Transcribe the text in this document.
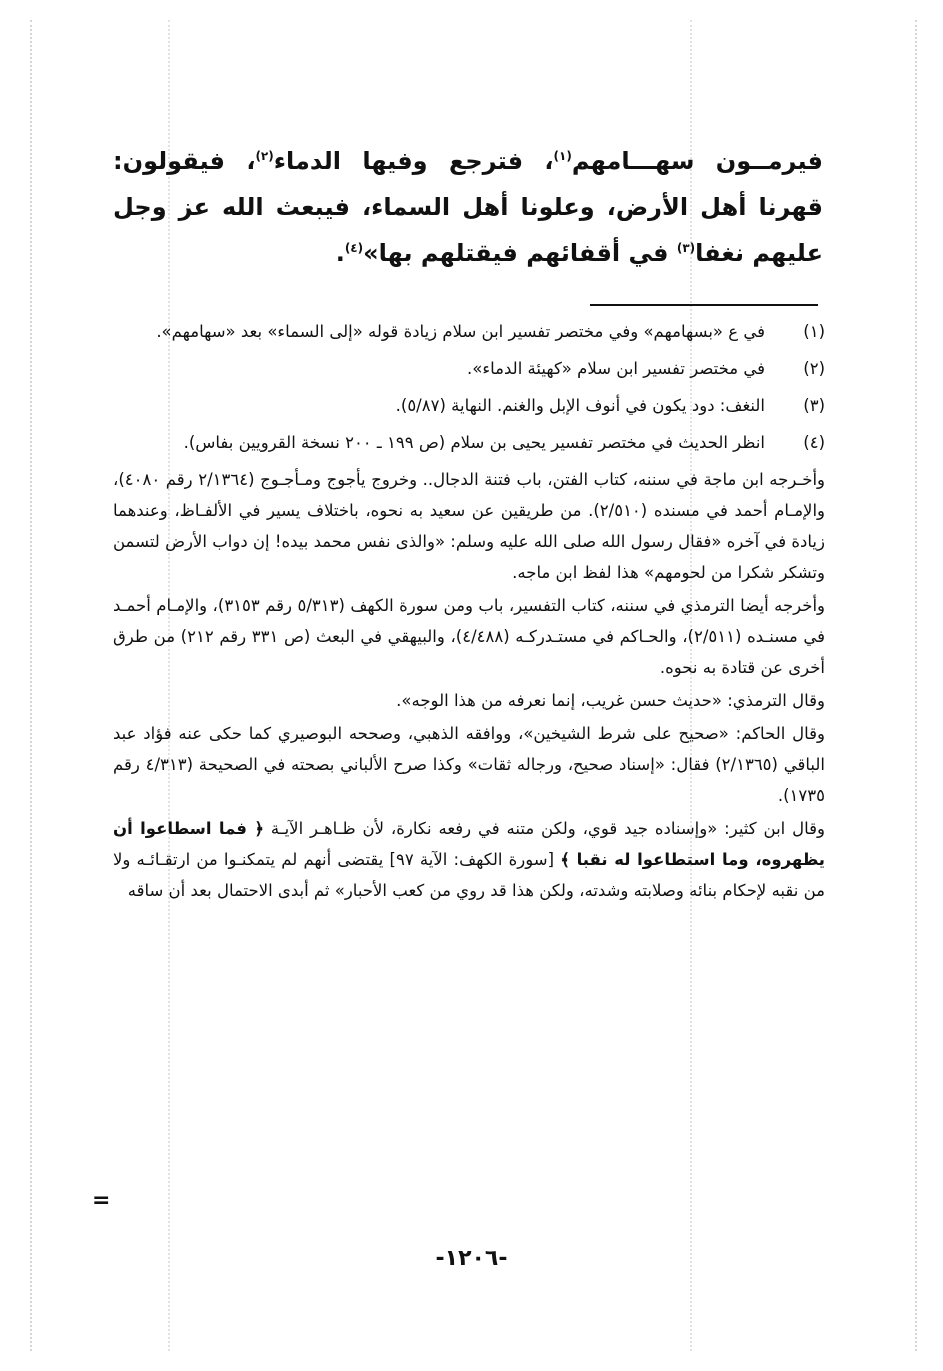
فيرمــون سهـــامهم$^{(١)}$، فترجع وفيها الدماء$^{(٢)}$، فيقولون: قهرنا أهل الأرض، وعلونا أهل السماء، فيبعث الله عز وجل عليهم نغفا$^{(٣)}$ في أقفائهم فيقتلهم بها»$^{(٤)}$.

(١)
في ع «بسهامهم» وفي مختصر تفسير ابن سلام زيادة قوله «إلى السماء» بعد «سهامهم».
(٢)
في مختصر تفسير ابن سلام «كهيئة الدماء».
(٣)
النغف: دود يكون في أنوف الإبل والغنم. النهاية (٥/٨٧).
(٤)
انظر الحديث في مختصر تفسير يحيى بن سلام (ص ١٩٩ ـ ٢٠٠ نسخة القرويين بفاس).

وأخـرجه ابن ماجة في سننه، كتاب الفتن، باب فتنة الدجال.. وخروج يأجوج ومـأجـوج (٢/١٣٦٤ رقم ٤٠٨٠)، والإمـام أحمد في مسنده (٢/٥١٠). من طريقين عن سعيد به نحوه، باختلاف يسير في الألفـاظ، وعندهما زيادة في آخره «فقال رسول الله صلى الله عليه وسلم: «والذى نفس محمد بيده! إن دواب الأرض لتسمن وتشكر شكرا من لحومهم» هذا لفظ ابن ماجه.

وأخرجه أيضا الترمذي في سننه، كتاب التفسير، باب ومن سورة الكهف (٥/٣١٣ رقم ٣١٥٣)، والإمـام أحمـد في مسنـده (٢/٥١١)، والحـاكم في مستـدركـه (٤/٤٨٨)، والبيهقي في البعث (ص ٣٣١ رقم ٢١٢) من طرق أخرى عن قتادة به نحوه.

وقال الترمذي: «حديث حسن غريب، إنما نعرفه من هذا الوجه».

وقال الحاكم: «صحيح على شرط الشيخين»، ووافقه الذهبي، وصححه البوصيري كما حكى عنه فؤاد عبد الباقي (٢/١٣٦٥) فقال: «إسناد صحيح، ورجاله ثقات» وكذا صرح الألباني بصحته في الصحيحة (٤/٣١٣ رقم ١٧٣٥).

وقال ابن كثير: «وإسناده جيد قوي، ولكن متنه في رفعه نكارة، لأن ظـاهـر الآيـة ﴿ فما اسطاعوا أن يظهروه، وما استطاعوا له نقبا ﴾ [سورة الكهف: الآية ٩٧] يقتضى أنهم لم يتمكنـوا من ارتقـائـه ولا من نقبه لإحكام بنائه وصلابته وشدته، ولكن هذا قد روي من كعب الأحبار» ثم أبدى الاحتمال بعد أن ساقه

=
-١٢٠٦-
